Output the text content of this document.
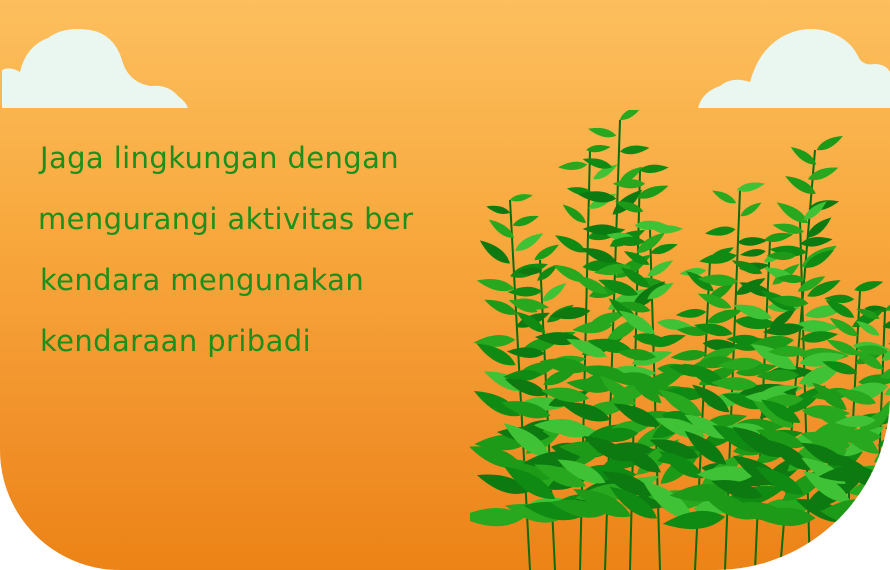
Jaga lingkungan dengan
mengurangi aktivitas ber
kendara mengunakan
kendaraan pribadi
